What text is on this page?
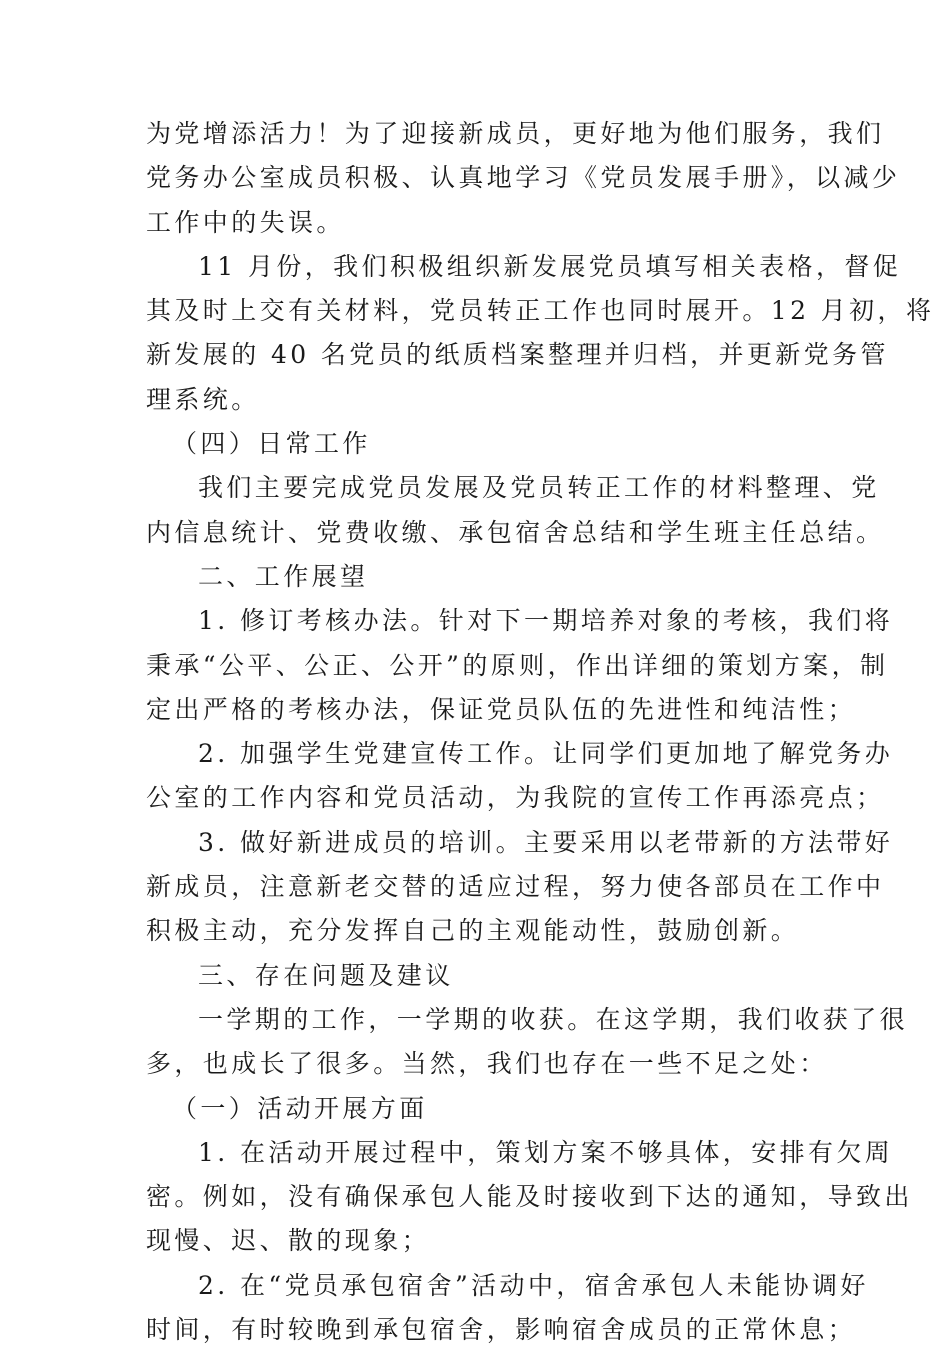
为党增添活力！为了迎接新成员，更好地为他们服务，我们
党务办公室成员积极、认真地学习《党员发展手册》，以减少
工作中的失误。
11 月份，我们积极组织新发展党员填写相关表格，督促
其及时上交有关材料，党员转正工作也同时展开。12 月初，将
新发展的 40 名党员的纸质档案整理并归档，并更新党务管
理系统。
（四）日常工作
我们主要完成党员发展及党员转正工作的材料整理、党
内信息统计、党费收缴、承包宿舍总结和学生班主任总结。
二、工作展望
1. 修订考核办法。针对下一期培养对象的考核，我们将
秉承“公平、公正、公开”的原则，作出详细的策划方案，制
定出严格的考核办法，保证党员队伍的先进性和纯洁性；
2. 加强学生党建宣传工作。让同学们更加地了解党务办
公室的工作内容和党员活动，为我院的宣传工作再添亮点；
3. 做好新进成员的培训。主要采用以老带新的方法带好
新成员，注意新老交替的适应过程，努力使各部员在工作中
积极主动，充分发挥自己的主观能动性，鼓励创新。
三、存在问题及建议
一学期的工作，一学期的收获。在这学期，我们收获了很
多，也成长了很多。当然，我们也存在一些不足之处：
（一）活动开展方面
1. 在活动开展过程中，策划方案不够具体，安排有欠周
密。例如，没有确保承包人能及时接收到下达的通知，导致出
现慢、迟、散的现象；
2. 在“党员承包宿舍”活动中，宿舍承包人未能协调好
时间，有时较晚到承包宿舍，影响宿舍成员的正常休息；
